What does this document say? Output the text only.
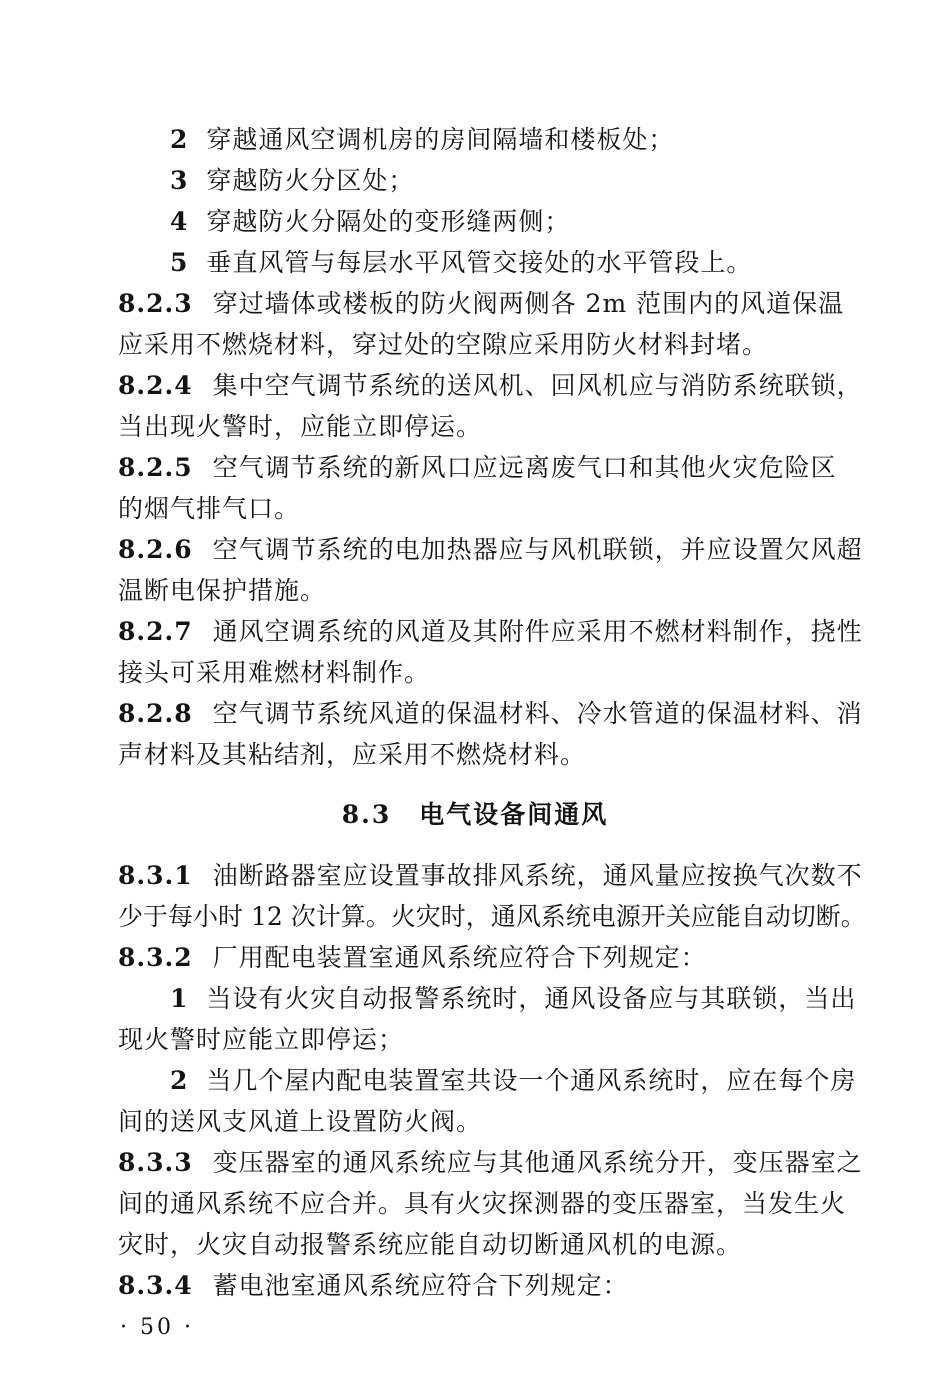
2 穿越通风空调机房的房间隔墙和楼板处；
3 穿越防火分区处；
4 穿越防火分隔处的变形缝两侧；
5 垂直风管与每层水平风管交接处的水平管段上。
8.2.3 穿过墙体或楼板的防火阀两侧各 2m 范围内的风道保温
应采用不燃烧材料，穿过处的空隙应采用防火材料封堵。
8.2.4 集中空气调节系统的送风机、回风机应与消防系统联锁，
当出现火警时，应能立即停运。
8.2.5 空气调节系统的新风口应远离废气口和其他火灾危险区
的烟气排气口。
8.2.6 空气调节系统的电加热器应与风机联锁，并应设置欠风超
温断电保护措施。
8.2.7 通风空调系统的风道及其附件应采用不燃材料制作，挠性
接头可采用难燃材料制作。
8.2.8 空气调节系统风道的保温材料、冷水管道的保温材料、消
声材料及其粘结剂，应采用不燃烧材料。
8.3 电气设备间通风
8.3.1 油断路器室应设置事故排风系统，通风量应按换气次数不
少于每小时 12 次计算。火灾时，通风系统电源开关应能自动切断。
8.3.2 厂用配电装置室通风系统应符合下列规定：
1 当设有火灾自动报警系统时，通风设备应与其联锁，当出
现火警时应能立即停运；
2 当几个屋内配电装置室共设一个通风系统时，应在每个房
间的送风支风道上设置防火阀。
8.3.3 变压器室的通风系统应与其他通风系统分开，变压器室之
间的通风系统不应合并。具有火灾探测器的变压器室，当发生火
灾时，火灾自动报警系统应能自动切断通风机的电源。
8.3.4 蓄电池室通风系统应符合下列规定：
· 50 ·
